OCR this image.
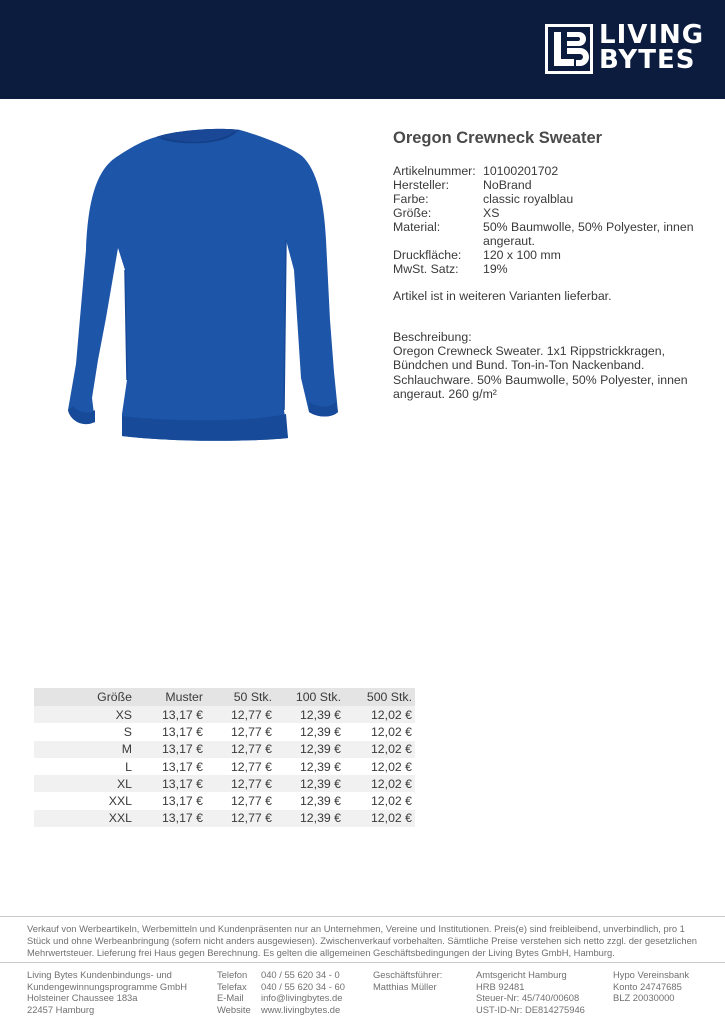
LIVING
BYTES
Oregon Crewneck Sweater
Artikelnummer: 10100201702
Hersteller:	NoBrand
Farbe:	classic royalblau
Größe:	XS
Material:	50% Baumwolle, 50% Polyester, innen angeraut.
Druckfläche:	120 x 100 mm
MwSt. Satz:	19%
Artikel ist in weiteren Varianten lieferbar.
Beschreibung:
Oregon Crewneck Sweater. 1x1 Rippstrickkragen, Bündchen und Bund. Ton-in-Ton Nackenband. Schlauchware. 50% Baumwolle, 50% Polyester, innen angeraut. 260 g/m²
Größe	Muster	50 Stk.	100 Stk.	500 Stk.
XS	13,17 €	12,77 €	12,39 €	12,02 €
S	13,17 €	12,77 €	12,39 €	12,02 €
M	13,17 €	12,77 €	12,39 €	12,02 €
L	13,17 €	12,77 €	12,39 €	12,02 €
XL	13,17 €	12,77 €	12,39 €	12,02 €
XXL	13,17 €	12,77 €	12,39 €	12,02 €
XXL	13,17 €	12,77 €	12,39 €	12,02 €
Verkauf von Werbeartikeln, Werbemitteln und Kundenpräsenten nur an Unternehmen, Vereine und Institutionen. Preis(e) sind freibleibend, unverbindlich, pro 1 Stück und ohne Werbeanbringung (sofern nicht anders ausgewiesen). Zwischenverkauf vorbehalten. Sämtliche Preise verstehen sich netto zzgl. der gesetzlichen Mehrwertsteuer. Lieferung frei Haus gegen Berechnung. Es gelten die allgemeinen Geschäftsbedingungen der Living Bytes GmbH, Hamburg.
Living Bytes Kundenbindungs- und
Kundengewinnungsprogramme GmbH
Holsteiner Chaussee 183a
22457 Hamburg
Telefon	040 / 55 620 34 - 0
Telefax	040 / 55 620 34 - 60
E-Mail	info@livingbytes.de
Website	www.livingbytes.de
Geschäftsführer:
Matthias Müller
Amtsgericht Hamburg
HRB 92481
Steuer-Nr: 45/740/00608
UST-ID-Nr: DE814275946
Hypo Vereinsbank
Konto 24747685
BLZ 20030000
